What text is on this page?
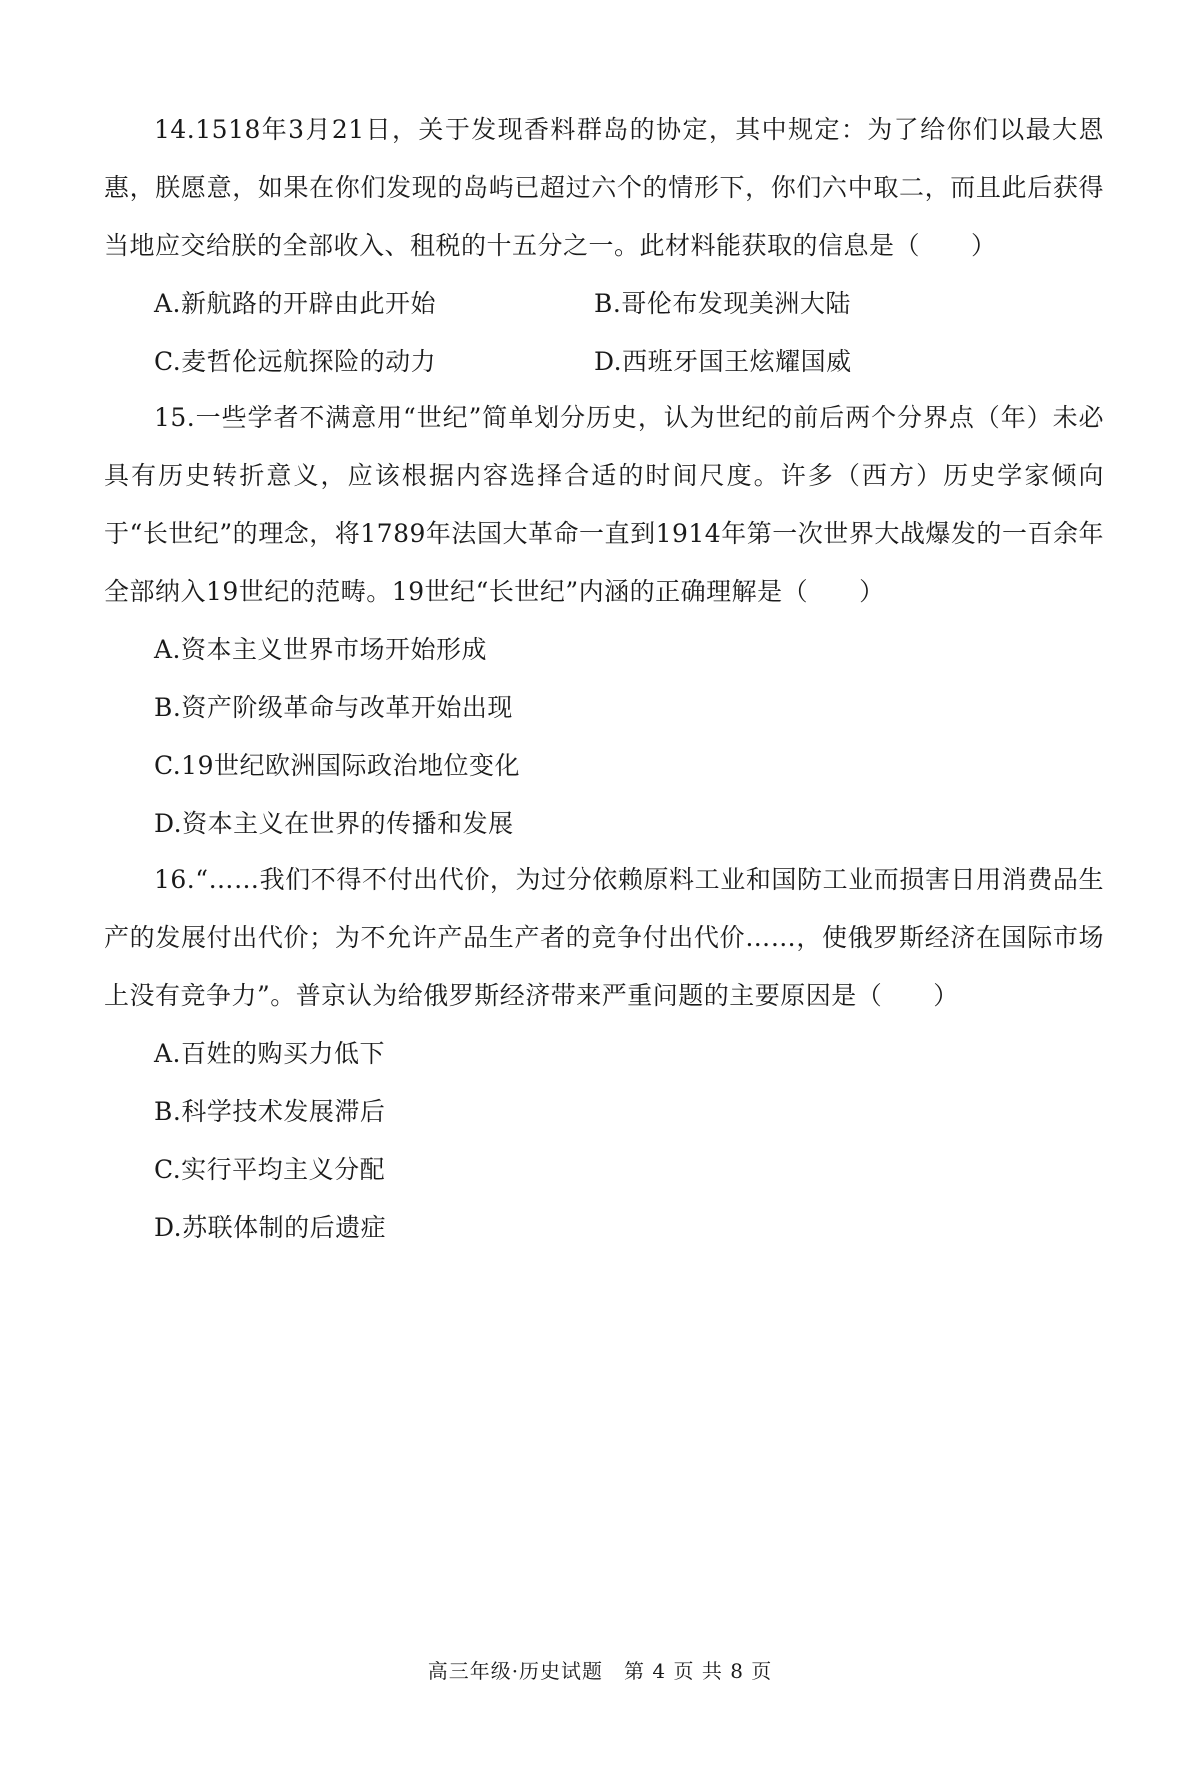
14.1518年3月21日，关于发现香料群岛的协定，其中规定：为了给你们以最大恩惠，朕愿意，如果在你们发现的岛屿已超过六个的情形下，你们六中取二，而且此后获得当地应交给朕的全部收入、租税的十五分之一。此材料能获取的信息是（　　）

A.新航路的开辟由此开始	B.哥伦布发现美洲大陆
C.麦哲伦远航探险的动力	D.西班牙国王炫耀国威

15.一些学者不满意用“世纪”简单划分历史，认为世纪的前后两个分界点（年）未必具有历史转折意义，应该根据内容选择合适的时间尺度。许多（西方）历史学家倾向于“长世纪”的理念，将1789年法国大革命一直到1914年第一次世界大战爆发的一百余年全部纳入19世纪的范畴。19世纪“长世纪”内涵的正确理解是（　　）

A.资本主义世界市场开始形成
B.资产阶级革命与改革开始出现
C.19世纪欧洲国际政治地位变化
D.资本主义在世界的传播和发展

16.“……我们不得不付出代价，为过分依赖原料工业和国防工业而损害日用消费品生产的发展付出代价；为不允许产品生产者的竞争付出代价……，使俄罗斯经济在国际市场上没有竞争力”。普京认为给俄罗斯经济带来严重问题的主要原因是（　　）

A.百姓的购买力低下
B.科学技术发展滞后
C.实行平均主义分配
D.苏联体制的后遗症
高三年级·历史试题　第 4 页 共 8 页
